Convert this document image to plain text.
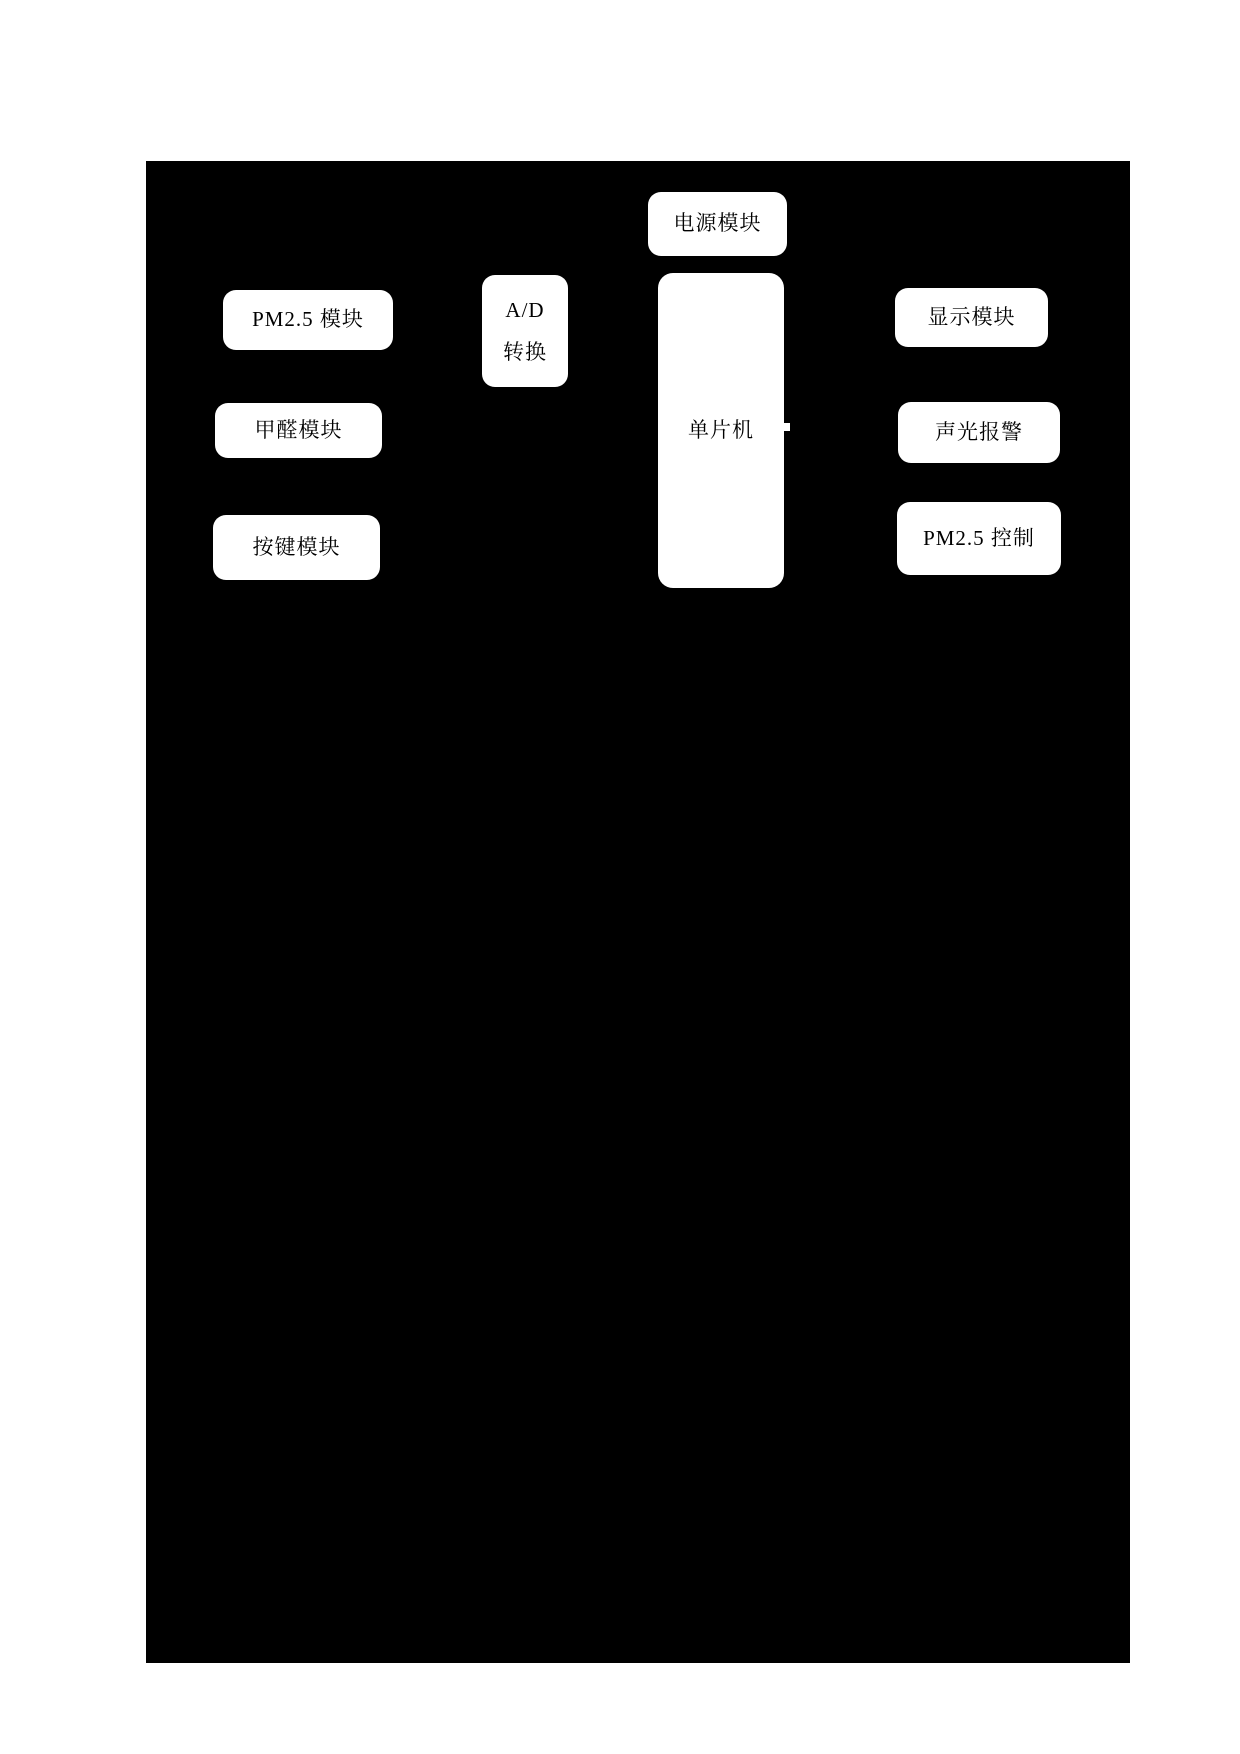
电源模块
PM2.5 模块	A/D
转换
单片机
显示模块
甲醛模块	声光报警
按键模块	PM2.5 控制
